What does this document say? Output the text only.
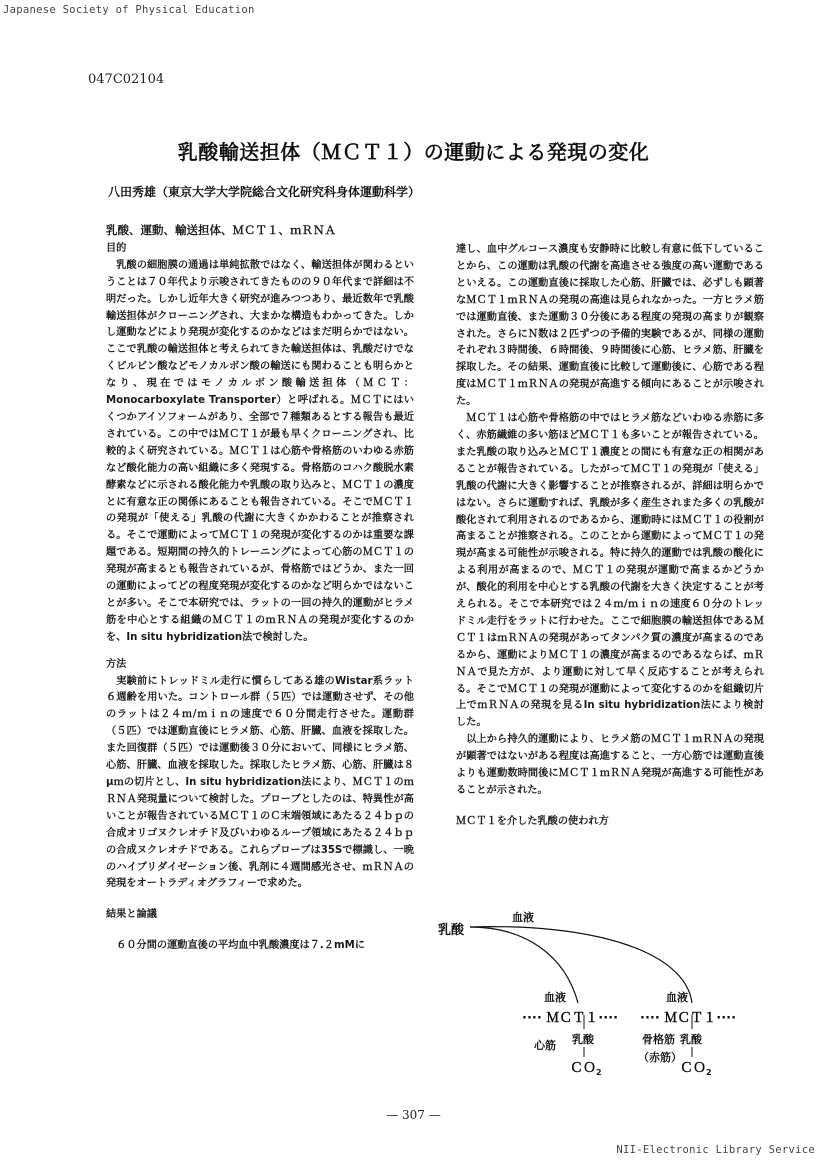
Japanese Society of Physical Education
047C02104
乳酸輸送担体（ＭＣＴ１）の運動による発現の変化
八田秀雄（東京大学大学院総合文化研究科身体運動科学）
乳酸、運動、輸送担体、ＭＣＴ１、ｍＲＮＡ
目的

乳酸の細胞膜の通過は単純拡散ではなく、輸送担体が関わるということは７０年代より示唆されてきたものの９０年代まで詳細は不明だった。しかし近年大きく研究が進みつつあり、最近数年で乳酸輸送担体がクローニングされ、大まかな構造もわかってきた。しかし運動などにより発現が変化するのかなどはまだ明らかではない。ここで乳酸の輸送担体と考えられてきた輸送担体は、乳酸だけでなくピルビン酸などモノカルボン酸の輸送にも関わることも明らかとなり、現在ではモノカルボン酸輸送担体（ＭＣＴ：Monocarboxylate Transporter）と呼ばれる。ＭＣＴにはいくつかアイソフォームがあり、全部で７種類あるとする報告も最近されている。この中ではＭＣＴ１が最も早くクローニングされ、比較的よく研究されている。ＭＣＴ１は心筋や骨格筋のいわゆる赤筋など酸化能力の高い組織に多く発現する。骨格筋のコハク酸脱水素酵素などに示される酸化能力や乳酸の取り込みと、ＭＣＴ１の濃度とに有意な正の関係にあることも報告されている。そこでＭＣＴ１の発現が「使える」乳酸の代謝に大きくかかわることが推察される。そこで運動によってＭＣＴ１の発現が変化するのかは重要な課題である。短期間の持久的トレーニングによって心筋のＭＣＴ１の発現が高まるとも報告されているが、骨格筋ではどうか、また一回の運動によってどの程度発現が変化するのかなど明らかではないことが多い。そこで本研究では、ラットの一回の持久的運動がヒラメ筋を中心とする組織のＭＣＴ１のｍＲＮＡの発現が変化するのかを、In situ hybridization法で検討した。

方法

実験前にトレッドミル走行に慣らしてある雄のWistar系ラット６週齢を用いた。コントロール群（５匹）では運動させず、その他のラットは２４ｍ/ｍｉｎの速度で６０分間走行させた。運動群（５匹）では運動直後にヒラメ筋、心筋、肝臓、血液を採取した。また回復群（５匹）では運動後３０分において、同様にヒラメ筋、心筋、肝臓、血液を採取した。採取したヒラメ筋、心筋、肝臓は８μｍの切片とし、In situ hybridization法により、ＭＣＴ１のｍＲＮＡ発現量について検討した。プローブとしたのは、特異性が高いことが報告されているＭＣＴ１のＣ末端領域にあたる２４ｂｐの合成オリゴヌクレオチド及びいわゆるループ領域にあたる２４ｂｐの合成ヌクレオチドである。これらプローブは35Sで標識し、一晩のハイブリダイゼーション後、乳剤に４週間感光させ、ｍＲＮＡの発現をオートラディオグラフィーで求めた。

結果と論議

６０分間の運動直後の平均血中乳酸濃度は７.２mMに

達し、血中グルコース濃度も安静時に比較し有意に低下していることから、この運動は乳酸の代謝を高進させる強度の高い運動であるといえる。この運動直後に採取した心筋、肝臓では、必ずしも顕著なＭＣＴ１ｍＲＮＡの発現の高進は見られなかった。一方ヒラメ筋では運動直後、また運動３０分後にある程度の発現の高まりが観察された。さらにＮ数は２匹ずつの予備的実験であるが、同様の運動それぞれ３時間後、６時間後、９時間後に心筋、ヒラメ筋、肝臓を採取した。その結果、運動直後に比較して運動後に、心筋である程度はＭＣＴ１ｍＲＮＡの発現が高進する傾向にあることが示唆された。

ＭＣＴ１は心筋や骨格筋の中ではヒラメ筋などいわゆる赤筋に多く、赤筋繊維の多い筋ほどＭＣＴ１も多いことが報告されている。また乳酸の取り込みとＭＣＴ１濃度との間にも有意な正の相関があることが報告されている。したがってＭＣＴ１の発現が「使える」乳酸の代謝に大きく影響することが推察されるが、詳細は明らかではない。さらに運動すれば、乳酸が多く産生されまた多くの乳酸が酸化されて利用されるのであるから、運動時にはＭＣＴ１の役割が高まることが推察される。このことから運動によってＭＣＴ１の発現が高まる可能性が示唆される。特に持久的運動では乳酸の酸化による利用が高まるので、ＭＣＴ１の発現が運動で高まるかどうかが、酸化的利用を中心とする乳酸の代謝を大きく決定することが考えられる。そこで本研究では２４ｍ/ｍｉｎの速度６０分のトレッドミル走行をラットに行わせた。ここで細胞膜の輸送担体であるＭＣＴ１はｍＲＮＡの発現があってタンパク質の濃度が高まるのであるから、運動によりＭＣＴ１の濃度が高まるのであるならば、ｍＲＮＡで見た方が、より運動に対して早く反応することが考えられる。そこでＭＣＴ１の発現が運動によって変化するのかを組織切片上でｍＲＮＡの発現を見るIn situ hybridization法により検討した。

以上から持久的運動により、ヒラメ筋のＭＣＴ１ｍＲＮＡの発現が顕著ではないがある程度は高進すること、一方心筋では運動直後よりも運動数時間後にＭＣＴ１ｍＲＮＡ発現が高進する可能性があることが示された。

ＭＣＴ１を介した乳酸の使われ方
乳酸
血液
血液	血液
···· ＭＣＴ１···· ···· ＭＣＴ１····
心筋 乳酸	乳酸
骨格筋
（赤筋）
ＣＯ$_2$	ＣＯ$_2$
— 307 —
NII-Electronic Library Service
